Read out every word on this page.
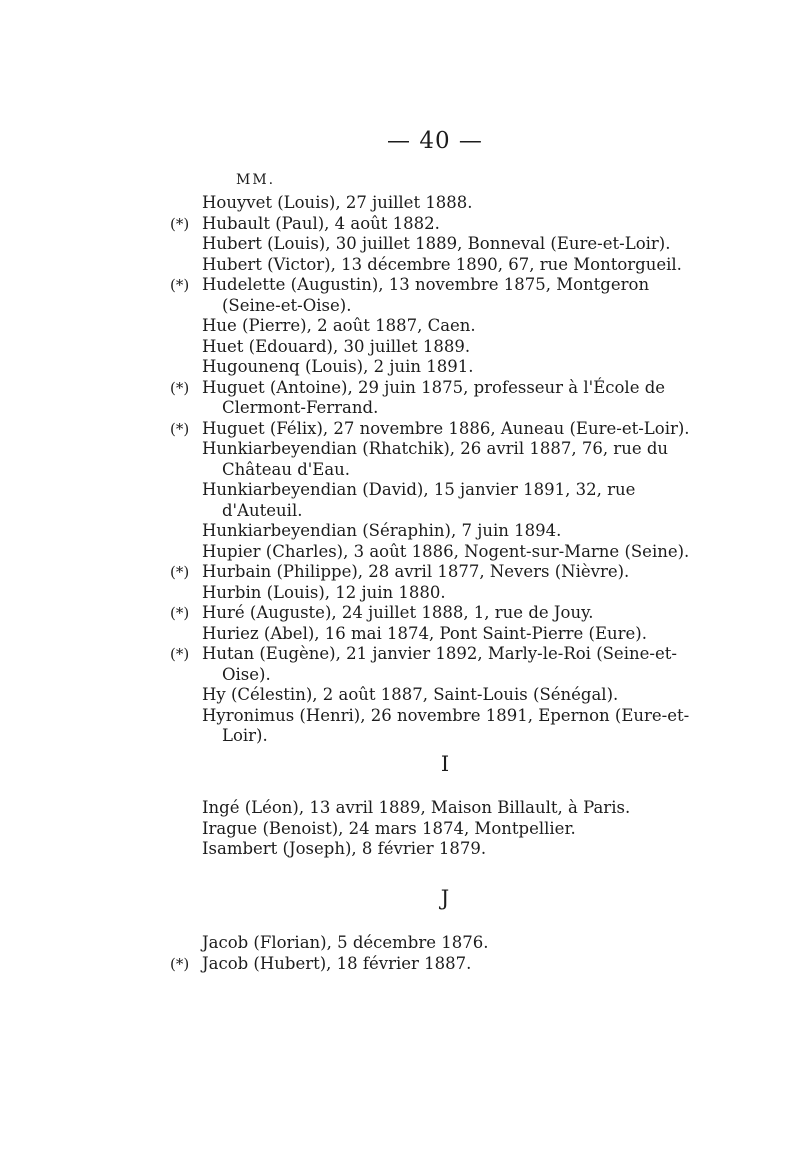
— 40 —
MM.
Houyvet (Louis), 27 juillet 1888.
(*) Hubault (Paul), 4 août 1882.
Hubert (Louis), 30 juillet 1889, Bonneval (Eure-et-Loir).
Hubert (Victor), 13 décembre 1890, 67, rue Montorgueil.
(*) Hudelette (Augustin), 13 novembre 1875, Montgeron (Seine-et-Oise).
Hue (Pierre), 2 août 1887, Caen.
Huet (Edouard), 30 juillet 1889.
Hugounenq (Louis), 2 juin 1891.
(*) Huguet (Antoine), 29 juin 1875, professeur à l'École de Clermont-Ferrand.
(*) Huguet (Félix), 27 novembre 1886, Auneau (Eure-et-Loir).
Hunkiarbeyendian (Rhatchik), 26 avril 1887, 76, rue du Château d'Eau.
Hunkiarbeyendian (David), 15 janvier 1891, 32, rue d'Auteuil.
Hunkiarbeyendian (Séraphin), 7 juin 1894.
Hupier (Charles), 3 août 1886, Nogent-sur-Marne (Seine).
(*) Hurbain (Philippe), 28 avril 1877, Nevers (Nièvre).
Hurbin (Louis), 12 juin 1880.
(*) Huré (Auguste), 24 juillet 1888, 1, rue de Jouy.
Huriez (Abel), 16 mai 1874, Pont Saint-Pierre (Eure).
(*) Hutan (Eugène), 21 janvier 1892, Marly-le-Roi (Seine-et-Oise).
Hy (Célestin), 2 août 1887, Saint-Louis (Sénégal).
Hyronimus (Henri), 26 novembre 1891, Epernon (Eure-et-Loir).
I
Ingé (Léon), 13 avril 1889, Maison Billault, à Paris.
Irague (Benoist), 24 mars 1874, Montpellier.
Isambert (Joseph), 8 février 1879.
J
Jacob (Florian), 5 décembre 1876.
(*) Jacob (Hubert), 18 février 1887.
